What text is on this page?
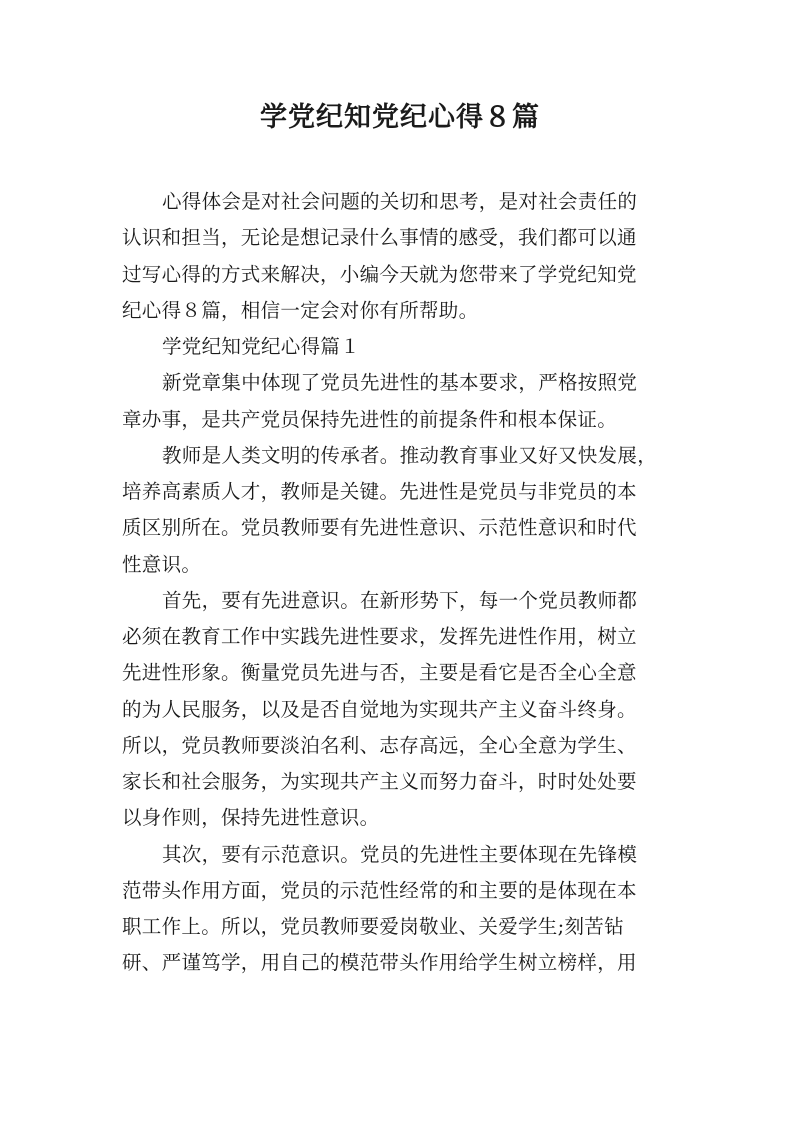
学党纪知党纪心得８篇
心得体会是对社会问题的关切和思考，是对社会责任的
认识和担当，无论是想记录什么事情的感受，我们都可以通
过写心得的方式来解决，小编今天就为您带来了学党纪知党
纪心得８篇，相信一定会对你有所帮助。
学党纪知党纪心得篇１
新党章集中体现了党员先进性的基本要求，严格按照党
章办事，是共产党员保持先进性的前提条件和根本保证。
教师是人类文明的传承者。推动教育事业又好又快发展，
培养高素质人才，教师是关键。先进性是党员与非党员的本
质区别所在。党员教师要有先进性意识、示范性意识和时代
性意识。
首先，要有先进意识。在新形势下，每一个党员教师都
必须在教育工作中实践先进性要求，发挥先进性作用，树立
先进性形象。衡量党员先进与否，主要是看它是否全心全意
的为人民服务，以及是否自觉地为实现共产主义奋斗终身。
所以，党员教师要淡泊名利、志存高远，全心全意为学生、
家长和社会服务，为实现共产主义而努力奋斗，时时处处要
以身作则，保持先进性意识。
其次，要有示范意识。党员的先进性主要体现在先锋模
范带头作用方面，党员的示范性经常的和主要的是体现在本
职工作上。所以，党员教师要爱岗敬业、关爱学生;刻苦钻
研、严谨笃学，用自己的模范带头作用给学生树立榜样，用
